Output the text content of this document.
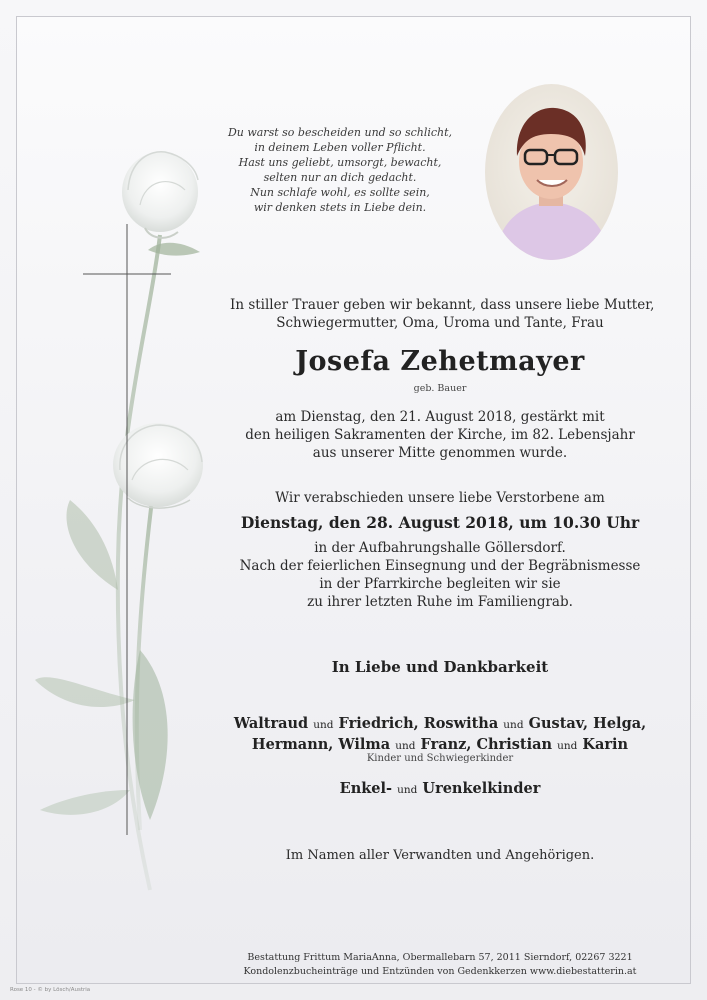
Du warst so bescheiden und so schlicht,
in deinem Leben voller Pflicht.
Hast uns geliebt, umsorgt, bewacht,
selten nur an dich gedacht.
Nun schlafe wohl, es sollte sein,
wir denken stets in Liebe dein.
In stiller Trauer geben wir bekannt, dass unsere liebe Mutter,
Schwiegermutter, Oma, Uroma und Tante, Frau
Josefa Zehetmayer
geb. Bauer
am Dienstag, den 21. August 2018, gestärkt mit
den heiligen Sakramenten der Kirche, im 82. Lebensjahr
aus unserer Mitte genommen wurde.
Wir verabschieden unsere liebe Verstorbene am
Dienstag, den 28. August 2018, um 10.30 Uhr
in der Aufbahrungshalle Göllersdorf.
Nach der feierlichen Einsegnung und der Begräbnismesse
in der Pfarrkirche begleiten wir sie
zu ihrer letzten Ruhe im Familiengrab.
In Liebe und Dankbarkeit
Waltraud und Friedrich, Roswitha und Gustav, Helga,
Hermann, Wilma und Franz, Christian und Karin
Kinder und Schwiegerkinder
Enkel- und Urenkelkinder
Im Namen aller Verwandten und Angehörigen.
Bestattung Frittum MariaAnna, Obermallebarn 57, 2011 Sierndorf, 02267 3221
Kondolenzbucheinträge und Entzünden von Gedenkkerzen www.diebestatterin.at
Rose 10 - © by Lösch/Austria
